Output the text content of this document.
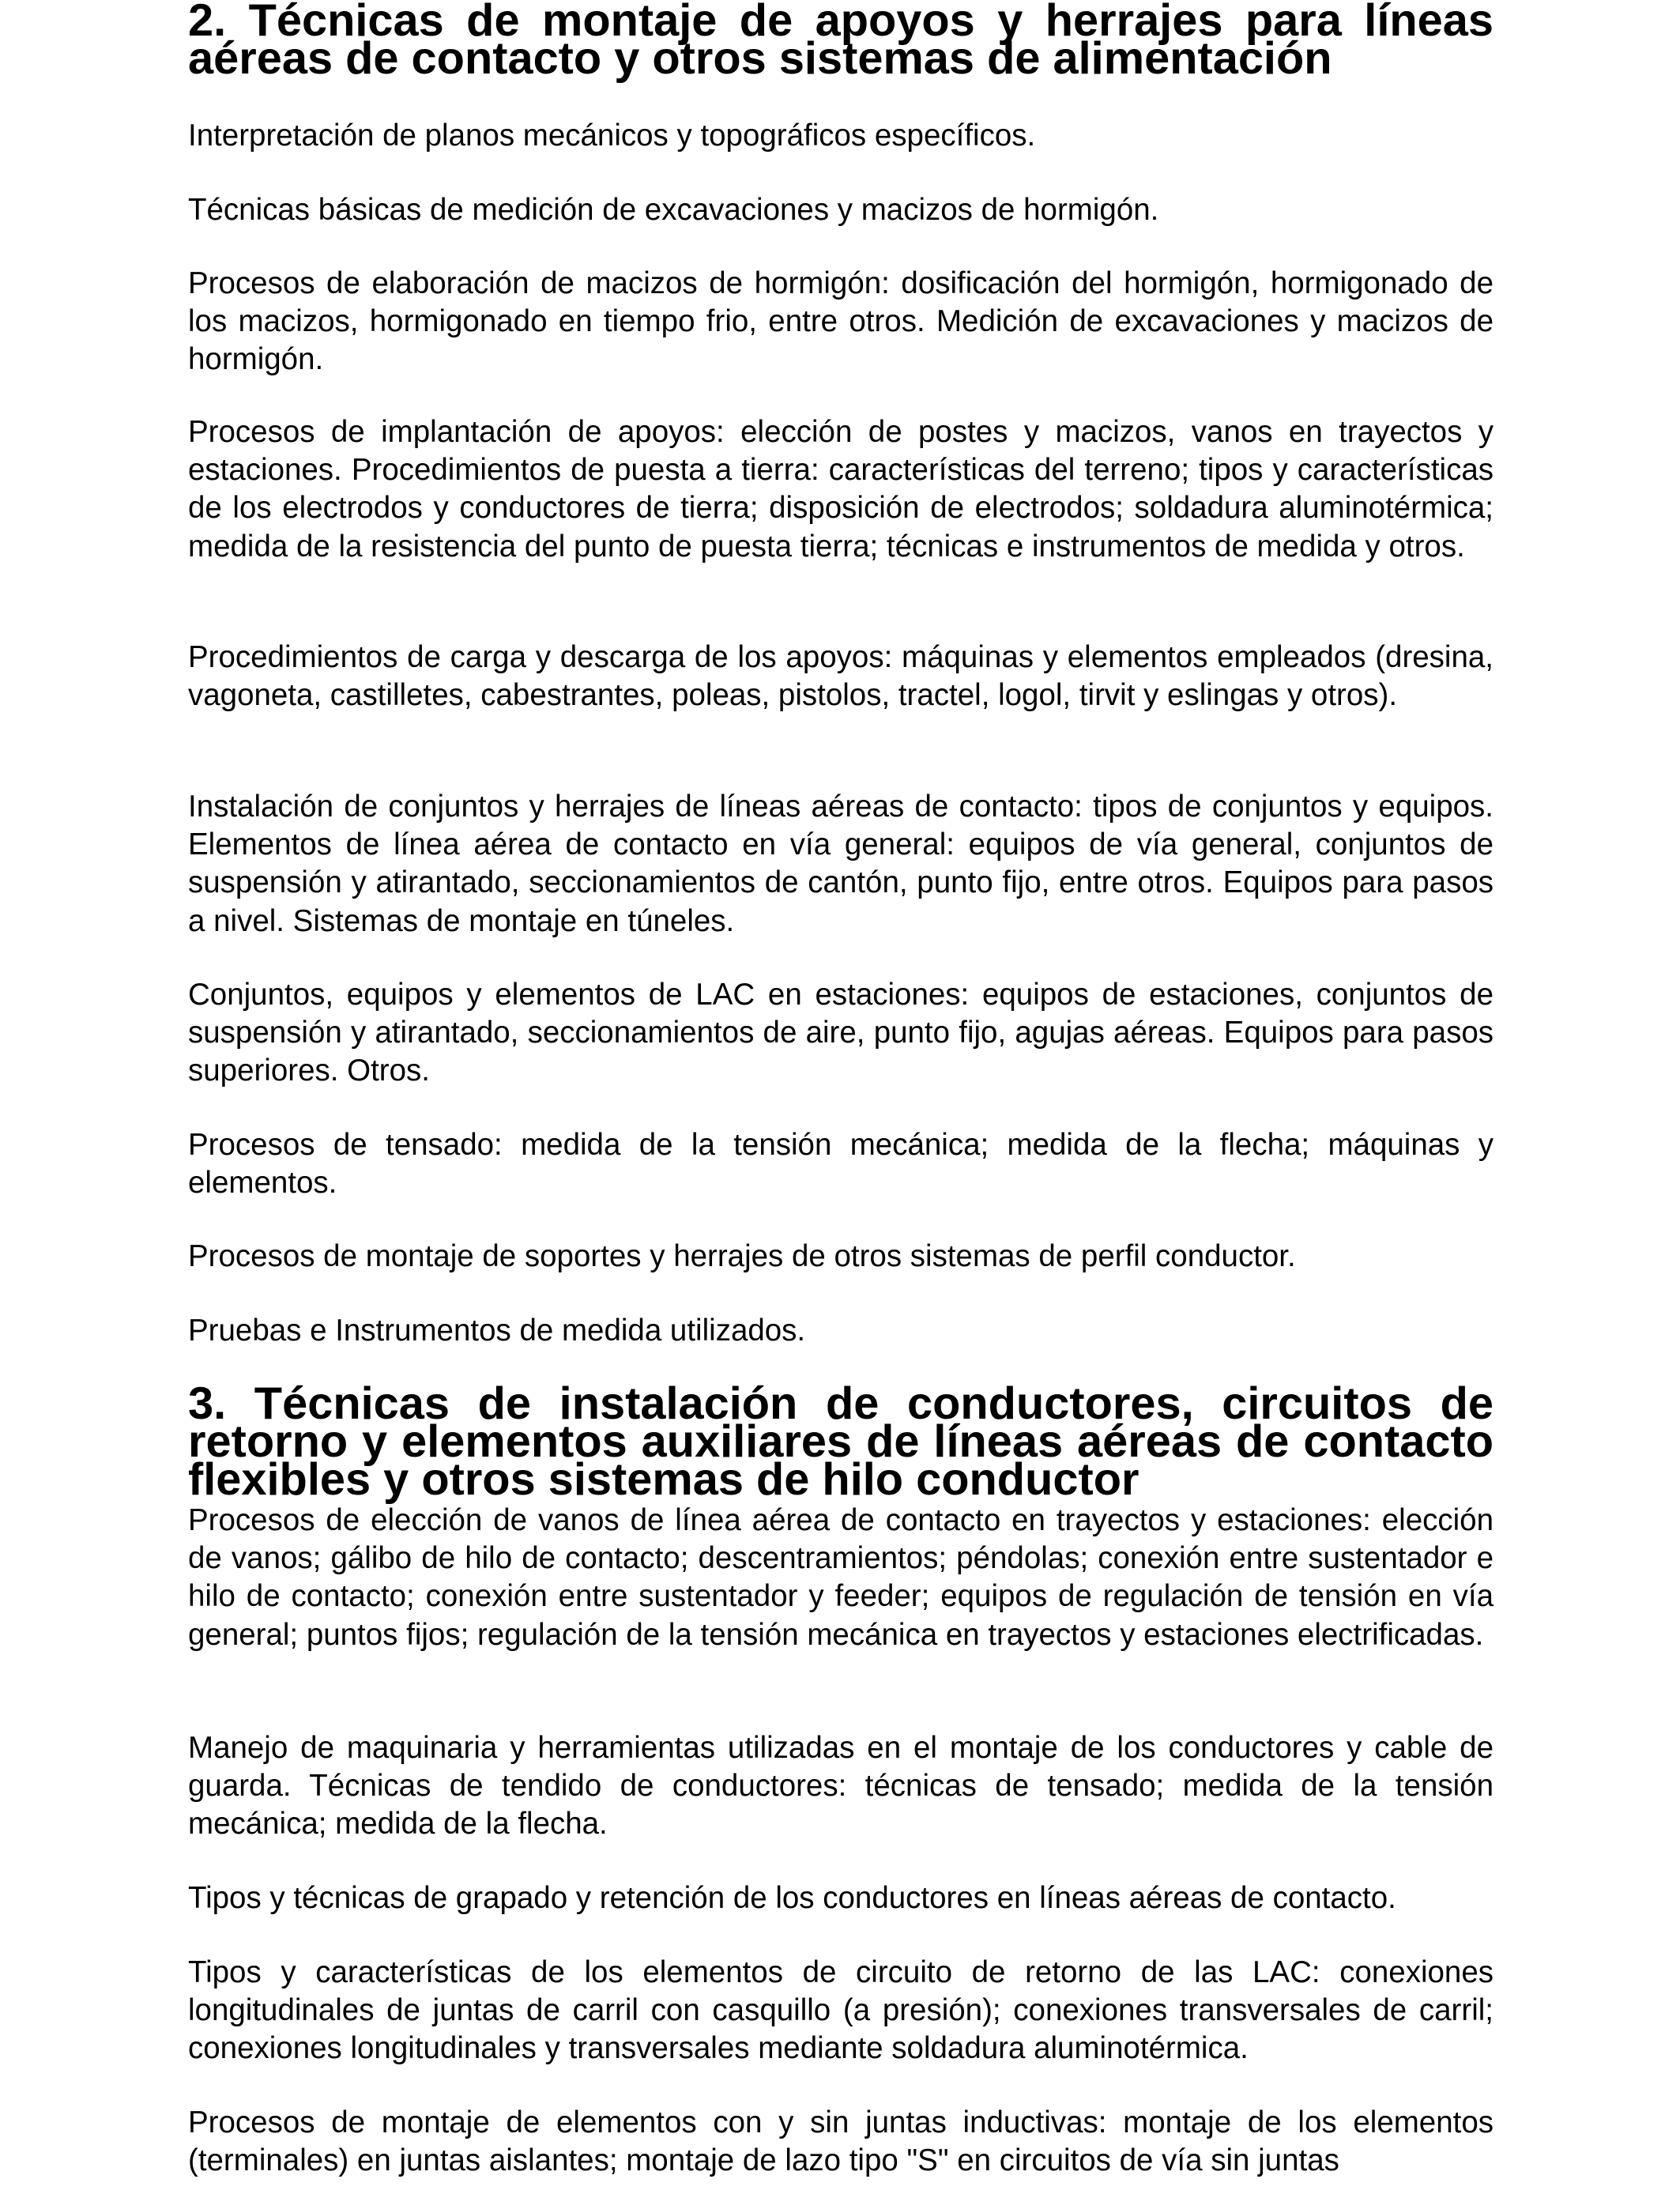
2. Técnicas de montaje de apoyos y herrajes para líneas aéreas de contacto y otros sistemas de alimentación

Interpretación de planos mecánicos y topográficos específicos.

Técnicas básicas de medición de excavaciones y macizos de hormigón.

Procesos de elaboración de macizos de hormigón: dosificación del hormigón, hormigonado de los macizos, hormigonado en tiempo frio, entre otros. Medición de excavaciones y macizos de hormigón.

Procesos de implantación de apoyos: elección de postes y macizos, vanos en trayectos y estaciones. Procedimientos de puesta a tierra: características del terreno; tipos y características de los electrodos y conductores de tierra; disposición de electrodos; soldadura aluminotérmica; medida de la resistencia del punto de puesta tierra; técnicas e instrumentos de medida y otros.

Procedimientos de carga y descarga de los apoyos: máquinas y elementos empleados (dresina, vagoneta, castilletes, cabestrantes, poleas, pistolos, tractel, logol, tirvit y eslingas y otros).

Instalación de conjuntos y herrajes de líneas aéreas de contacto: tipos de conjuntos y equipos. Elementos de línea aérea de contacto en vía general: equipos de vía general, conjuntos de suspensión y atirantado, seccionamientos de cantón, punto fijo, entre otros. Equipos para pasos a nivel. Sistemas de montaje en túneles.

Conjuntos, equipos y elementos de LAC en estaciones: equipos de estaciones, conjuntos de suspensión y atirantado, seccionamientos de aire, punto fijo, agujas aéreas. Equipos para pasos superiores. Otros.

Procesos de tensado: medida de la tensión mecánica; medida de la flecha; máquinas y elementos.

Procesos de montaje de soportes y herrajes de otros sistemas de perfil conductor.

Pruebas e Instrumentos de medida utilizados.

3. Técnicas de instalación de conductores, circuitos de retorno y elementos auxiliares de líneas aéreas de contacto flexibles y otros sistemas de hilo conductor

Procesos de elección de vanos de línea aérea de contacto en trayectos y estaciones: elección de vanos; gálibo de hilo de contacto; descentramientos; péndolas; conexión entre sustentador e hilo de contacto; conexión entre sustentador y feeder; equipos de regulación de tensión en vía general; puntos fijos; regulación de la tensión mecánica en trayectos y estaciones electrificadas.

Manejo de maquinaria y herramientas utilizadas en el montaje de los conductores y cable de guarda. Técnicas de tendido de conductores: técnicas de tensado; medida de la tensión mecánica; medida de la flecha.

Tipos y técnicas de grapado y retención de los conductores en líneas aéreas de contacto.

Tipos y características de los elementos de circuito de retorno de las LAC: conexiones longitudinales de juntas de carril con casquillo (a presión); conexiones transversales de carril; conexiones longitudinales y transversales mediante soldadura aluminotérmica.

Procesos de montaje de elementos con y sin juntas inductivas: montaje de los elementos (terminales) en juntas aislantes; montaje de lazo tipo "S" en circuitos de vía sin juntas
